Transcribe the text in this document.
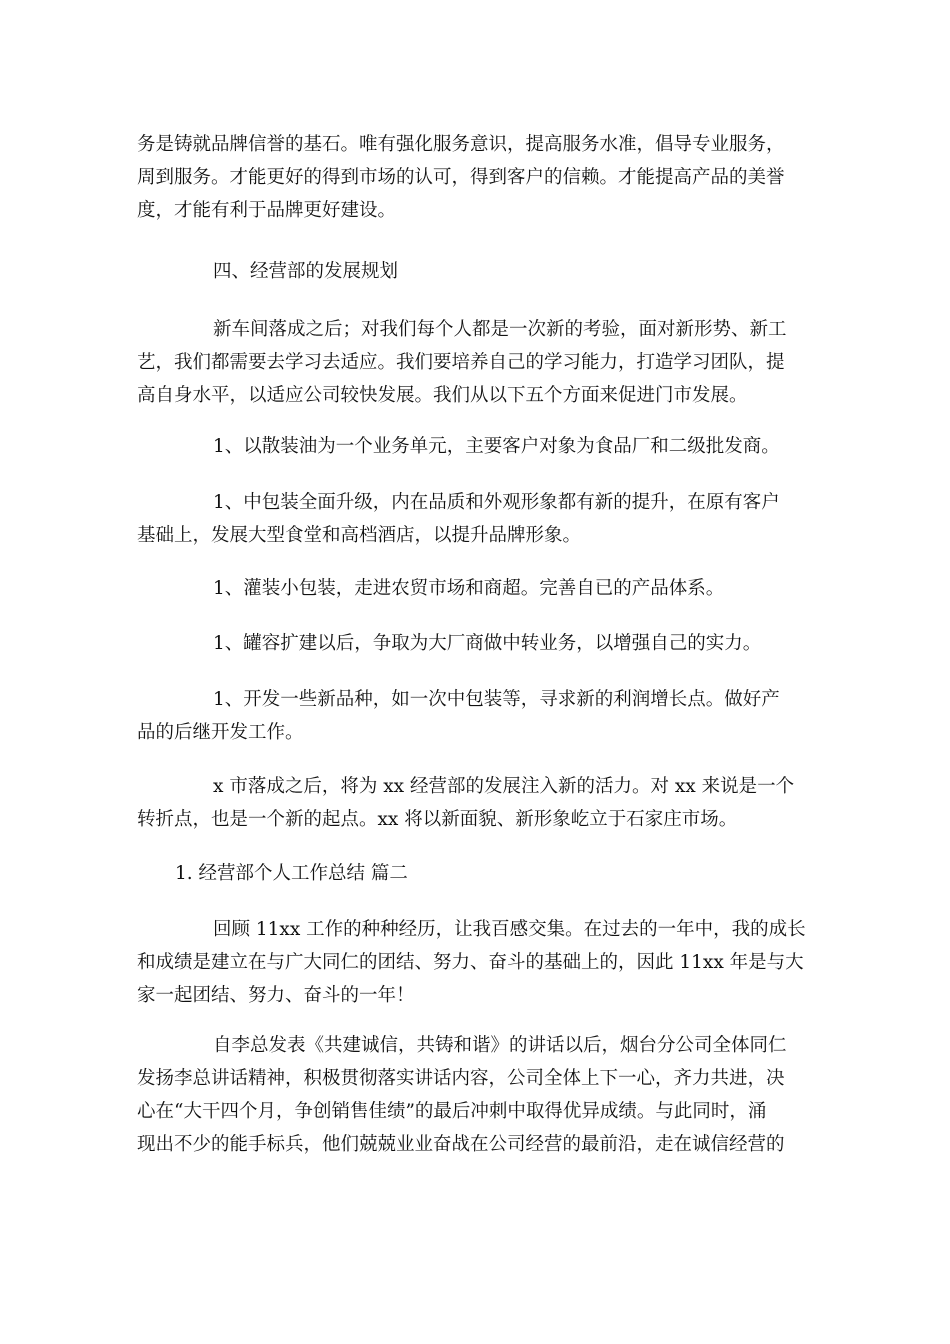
务是铸就品牌信誉的基石。唯有强化服务意识，提高服务水准，倡导专业服务，
周到服务。才能更好的得到市场的认可，得到客户的信赖。才能提高产品的美誉
度，才能有利于品牌更好建设。
四、经营部的发展规划
新车间落成之后；对我们每个人都是一次新的考验，面对新形势、新工
艺，我们都需要去学习去适应。我们要培养自己的学习能力，打造学习团队，提
高自身水平，以适应公司较快发展。我们从以下五个方面来促进门市发展。
1、以散装油为一个业务单元，主要客户对象为食品厂和二级批发商。
1、中包装全面升级，内在品质和外观形象都有新的提升，在原有客户
基础上，发展大型食堂和高档酒店，以提升品牌形象。
1、灌装小包装，走进农贸市场和商超。完善自已的产品体系。
1、罐容扩建以后，争取为大厂商做中转业务，以增强自己的实力。
1、开发一些新品种，如一次中包装等，寻求新的利润增长点。做好产
品的后继开发工作。
x 市落成之后，将为 xx 经营部的发展注入新的活力。对 xx 来说是一个
转折点，也是一个新的起点。xx 将以新面貌、新形象屹立于石家庄市场。
1. 经营部个人工作总结 篇二
回顾 11xx 工作的种种经历，让我百感交集。在过去的一年中，我的成长
和成绩是建立在与广大同仁的团结、努力、奋斗的基础上的，因此 11xx 年是与大
家一起团结、努力、奋斗的一年！
自李总发表《共建诚信，共铸和谐》的讲话以后，烟台分公司全体同仁
发扬李总讲话精神，积极贯彻落实讲话内容，公司全体上下一心，齐力共进，决
心在“大干四个月，争创销售佳绩”的最后冲刺中取得优异成绩。与此同时，涌
现出不少的能手标兵，他们兢兢业业奋战在公司经营的最前沿，走在诚信经营的
